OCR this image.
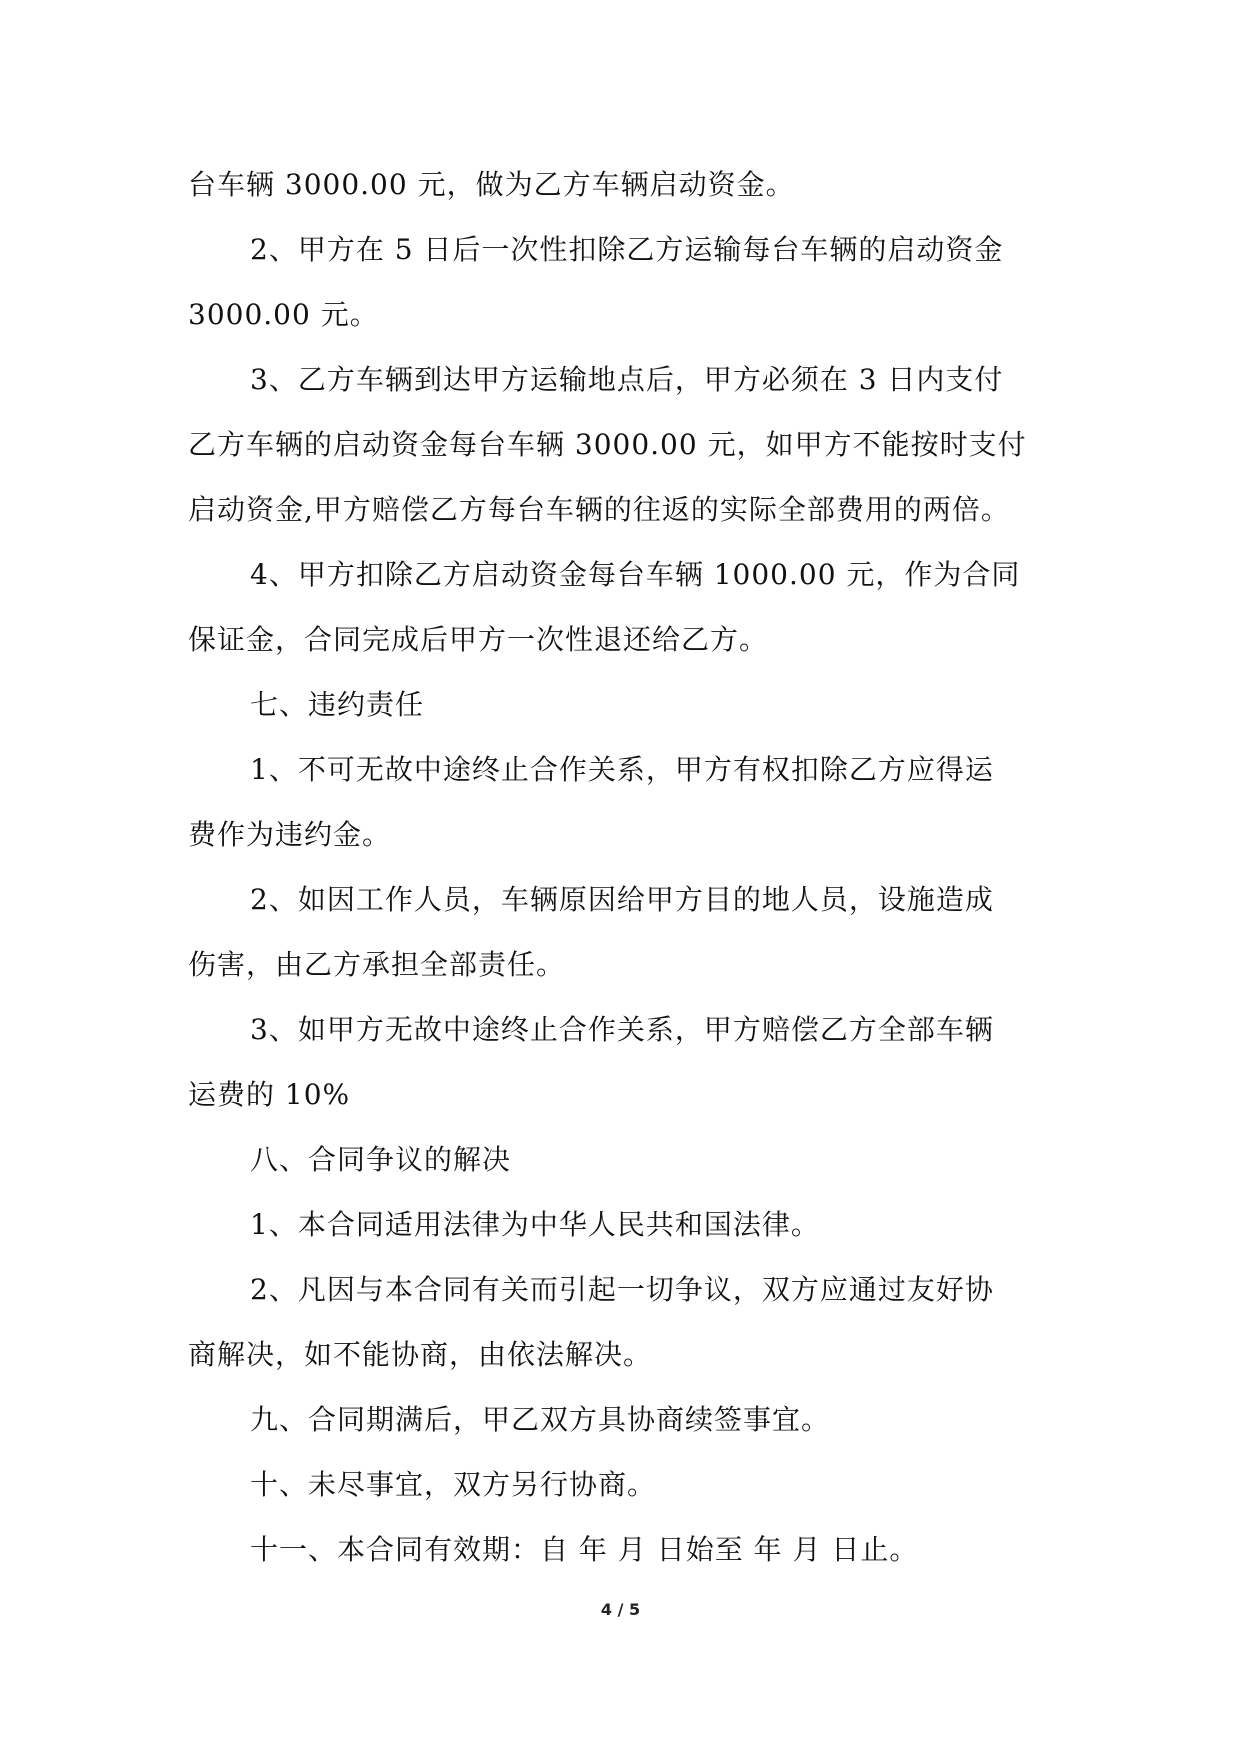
台车辆 3000.00 元，做为乙方车辆启动资金。
2、甲方在 5 日后一次性扣除乙方运输每台车辆的启动资金
3000.00 元。
3、乙方车辆到达甲方运输地点后，甲方必须在 3 日内支付
乙方车辆的启动资金每台车辆 3000.00 元，如甲方不能按时支付
启动资金,甲方赔偿乙方每台车辆的往返的实际全部费用的两倍。
4、甲方扣除乙方启动资金每台车辆 1000.00 元，作为合同
保证金，合同完成后甲方一次性退还给乙方。
七、违约责任
1、不可无故中途终止合作关系，甲方有权扣除乙方应得运
费作为违约金。
2、如因工作人员，车辆原因给甲方目的地人员，设施造成
伤害，由乙方承担全部责任。
3、如甲方无故中途终止合作关系，甲方赔偿乙方全部车辆
运费的 10%
八、合同争议的解决
1、本合同适用法律为中华人民共和国法律。
2、凡因与本合同有关而引起一切争议，双方应通过友好协
商解决，如不能协商，由依法解决。
九、合同期满后，甲乙双方具协商续签事宜。
十、未尽事宜，双方另行协商。
十一、本合同有效期：自 年 月 日始至 年 月 日止。
4 / 5
